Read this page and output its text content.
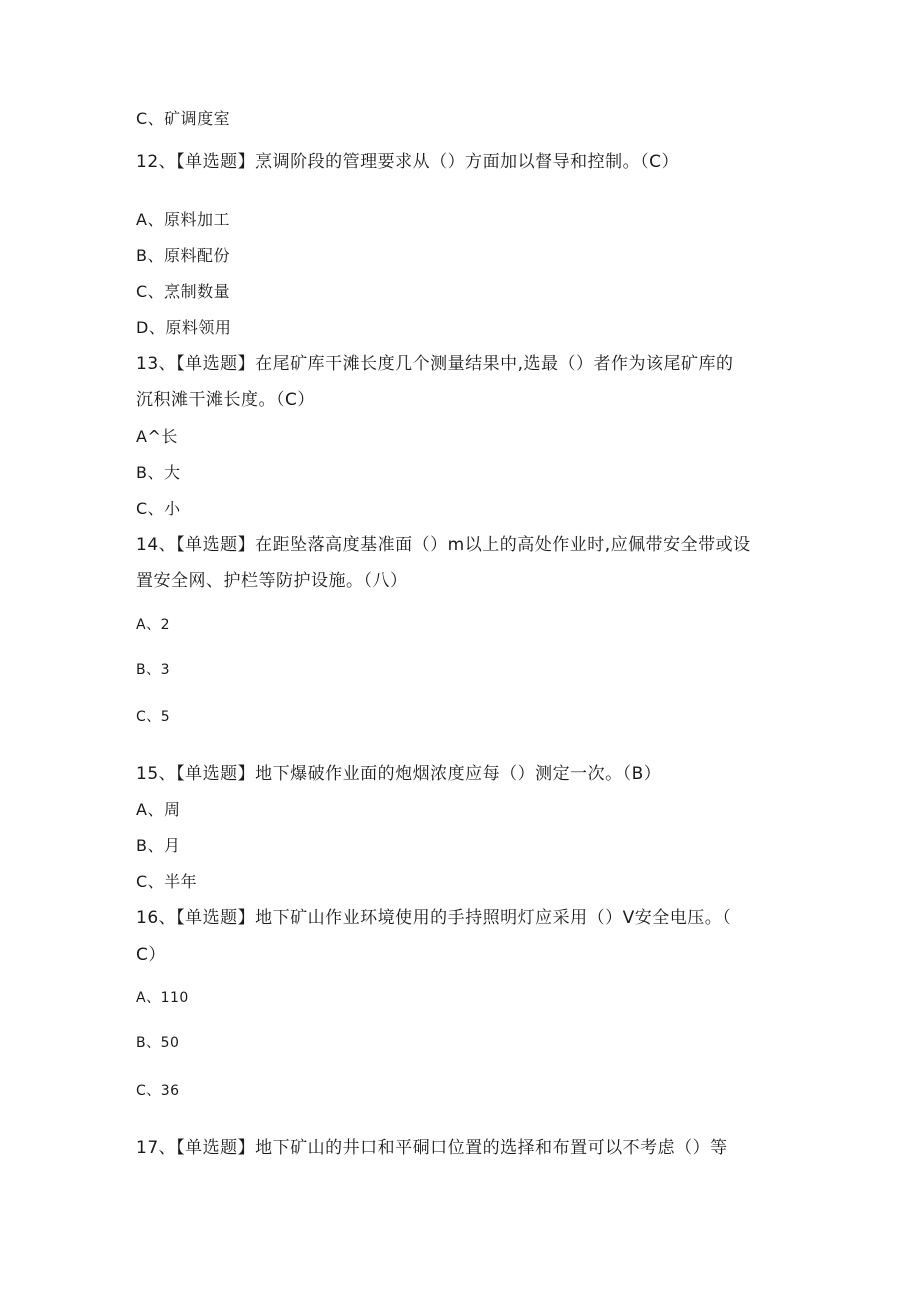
C、矿调度室
12、【单选题】烹调阶段的管理要求从（）方面加以督导和控制。（C）
A、原料加工
B、原料配份
C、烹制数量
D、原料领用
13、【单选题】在尾矿库干滩长度几个测量结果中,选最（）者作为该尾矿库的
沉积滩干滩长度。（C）
A^长
B、大
C、小
14、【单选题】在距坠落高度基准面（）m以上的高处作业时,应佩带安全带或设
置安全网、护栏等防护设施。（八）
A、2
B、3
C、5
15、【单选题】地下爆破作业面的炮烟浓度应每（）测定一次。（B）
A、周
B、月
C、半年
16、【单选题】地下矿山作业环境使用的手持照明灯应采用（）V安全电压。（
C）
A、110
B、50
C、36
17、【单选题】地下矿山的井口和平硐口位置的选择和布置可以不考虑（）等
